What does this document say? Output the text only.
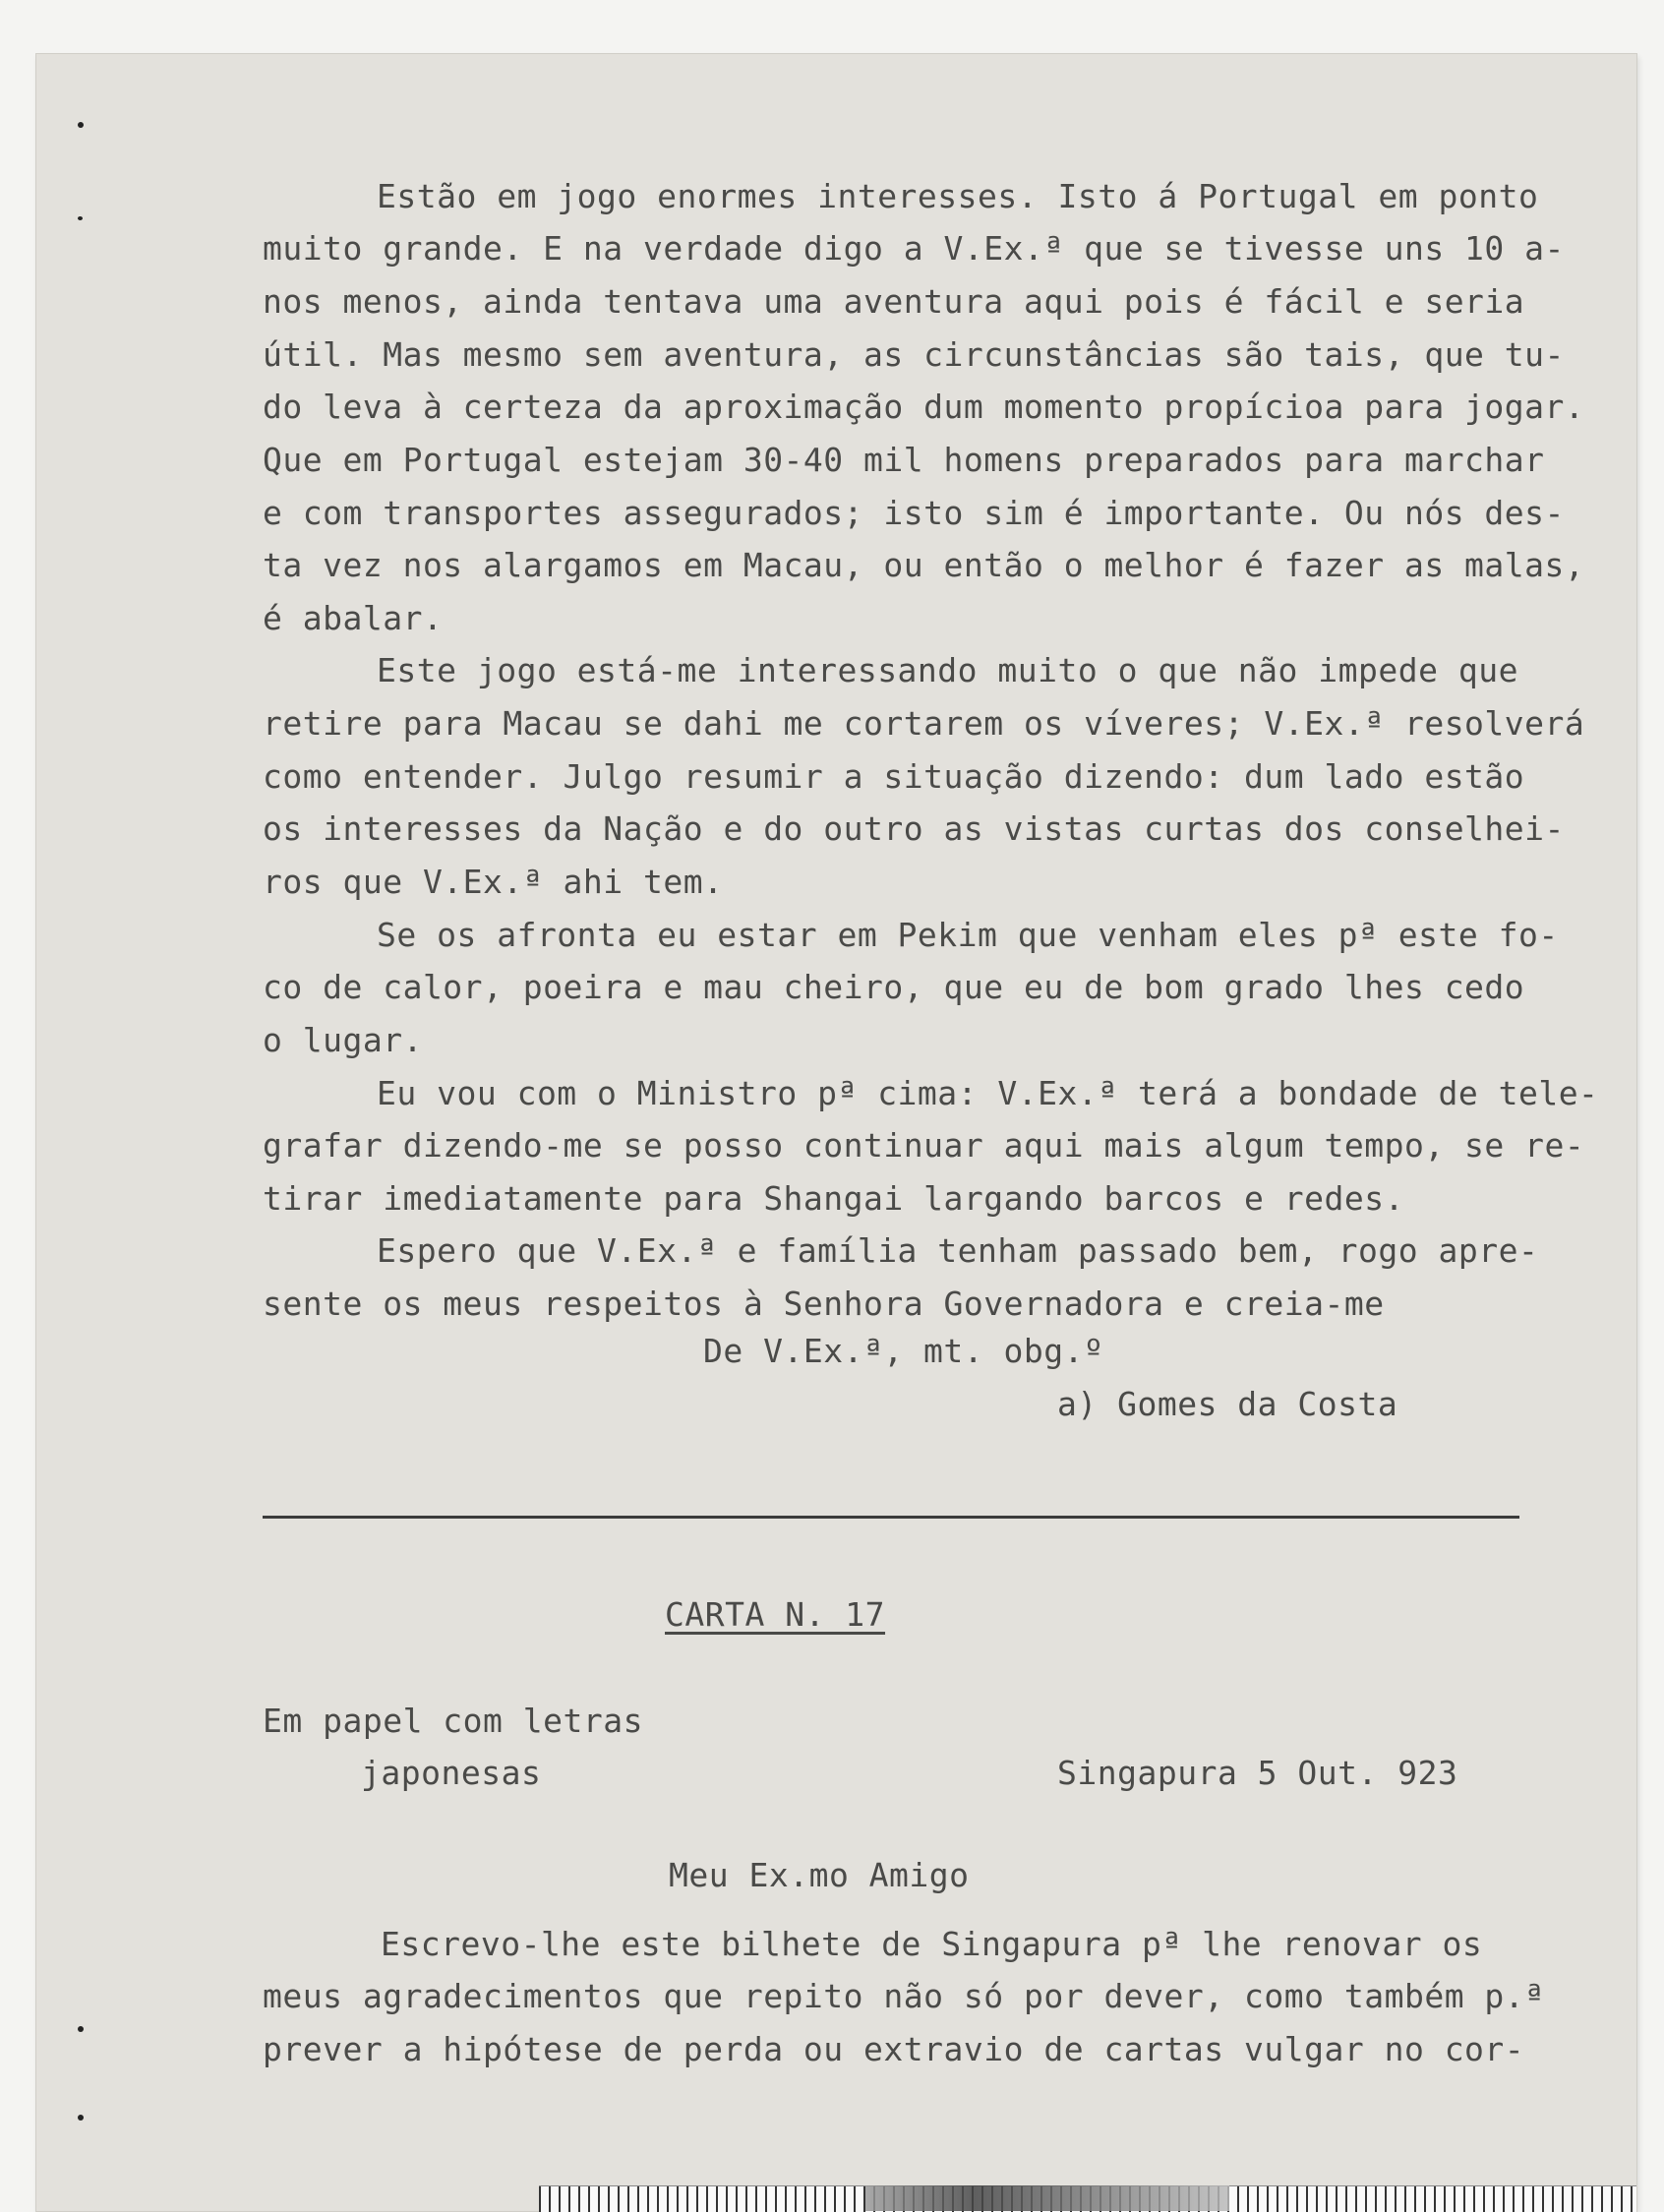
Estão em jogo enormes interesses. Isto á Portugal em ponto
muito grande. E na verdade digo a V.Ex.ª que se tivesse uns 10 a-
nos menos, ainda tentava uma aventura aqui pois é fácil e seria
útil. Mas mesmo sem aventura, as circunstâncias são tais, que tu-
do leva à certeza da aproximação dum momento propícioa para jogar.
Que em Portugal estejam 30-40 mil homens preparados para marchar
e com transportes assegurados; isto sim é importante. Ou nós des-
ta vez nos alargamos em Macau, ou então o melhor é fazer as malas,
é abalar.
Este jogo está-me interessando muito o que não impede que
retire para Macau se dahi me cortarem os víveres; V.Ex.ª resolverá
como entender. Julgo resumir a situação dizendo: dum lado estão
os interesses da Nação e do outro as vistas curtas dos conselhei-
ros que V.Ex.ª ahi tem.
Se os afronta eu estar em Pekim que venham eles pª este fo-
co de calor, poeira e mau cheiro, que eu de bom grado lhes cedo
o lugar.
Eu vou com o Ministro pª cima: V.Ex.ª terá a bondade de tele-
grafar dizendo-me se posso continuar aqui mais algum tempo, se re-
tirar imediatamente para Shangai largando barcos e redes.
Espero que V.Ex.ª e família tenham passado bem, rogo apre-
sente os meus respeitos à Senhora Governadora e creia-me
De V.Ex.ª, mt. obg.º
a) Gomes da Costa
CARTA N. 17
Em papel com letras
japonesas	Singapura 5 Out. 923
Meu Ex.mo Amigo
Escrevo-lhe este bilhete de Singapura pª lhe renovar os
meus agradecimentos que repito não só por dever, como também p.ª
prever a hipótese de perda ou extravio de cartas vulgar no cor-
